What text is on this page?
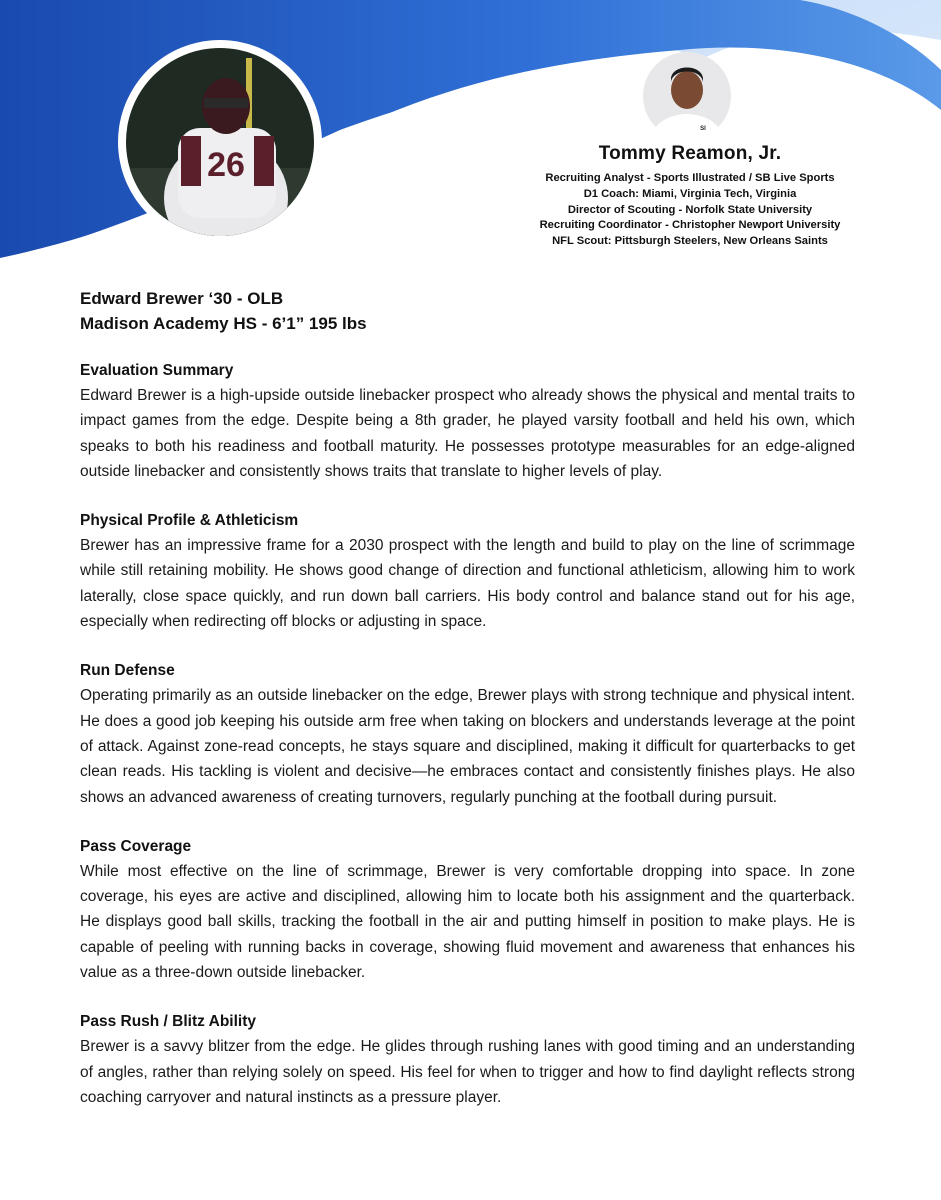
26
SI
Tommy Reamon, Jr.
Recruiting Analyst - Sports Illustrated / SB Live Sports
D1 Coach: Miami, Virginia Tech, Virginia
Director of Scouting - Norfolk State University
Recruiting Coordinator - Christopher Newport University
NFL Scout: Pittsburgh Steelers, New Orleans Saints
Edward Brewer ‘30 - OLB
Madison Academy HS - 6’1” 195 lbs
Evaluation Summary
Edward Brewer is a high-upside outside linebacker prospect who already shows the physical and mental traits to impact games from the edge. Despite being a 8th grader, he played varsity football and held his own, which speaks to both his readiness and football maturity. He possesses prototype measurables for an edge-aligned outside linebacker and consistently shows traits that translate to higher levels of play.
Physical Profile & Athleticism
Brewer has an impressive frame for a 2030 prospect with the length and build to play on the line of scrimmage while still retaining mobility. He shows good change of direction and functional athleticism, allowing him to work laterally, close space quickly, and run down ball carriers. His body control and balance stand out for his age, especially when redirecting off blocks or adjusting in space.
Run Defense
Operating primarily as an outside linebacker on the edge, Brewer plays with strong technique and physical intent. He does a good job keeping his outside arm free when taking on blockers and understands leverage at the point of attack. Against zone-read concepts, he stays square and disciplined, making it difficult for quarterbacks to get clean reads. His tackling is violent and decisive—he embraces contact and consistently finishes plays. He also shows an advanced awareness of creating turnovers, regularly punching at the football during pursuit.
Pass Coverage
While most effective on the line of scrimmage, Brewer is very comfortable dropping into space. In zone coverage, his eyes are active and disciplined, allowing him to locate both his assignment and the quarterback. He displays good ball skills, tracking the football in the air and putting himself in position to make plays. He is capable of peeling with running backs in coverage, showing fluid movement and awareness that enhances his value as a three-down outside linebacker.
Pass Rush / Blitz Ability
Brewer is a savvy blitzer from the edge. He glides through rushing lanes with good timing and an understanding of angles, rather than relying solely on speed. His feel for when to trigger and how to find daylight reflects strong coaching carryover and natural instincts as a pressure player.
